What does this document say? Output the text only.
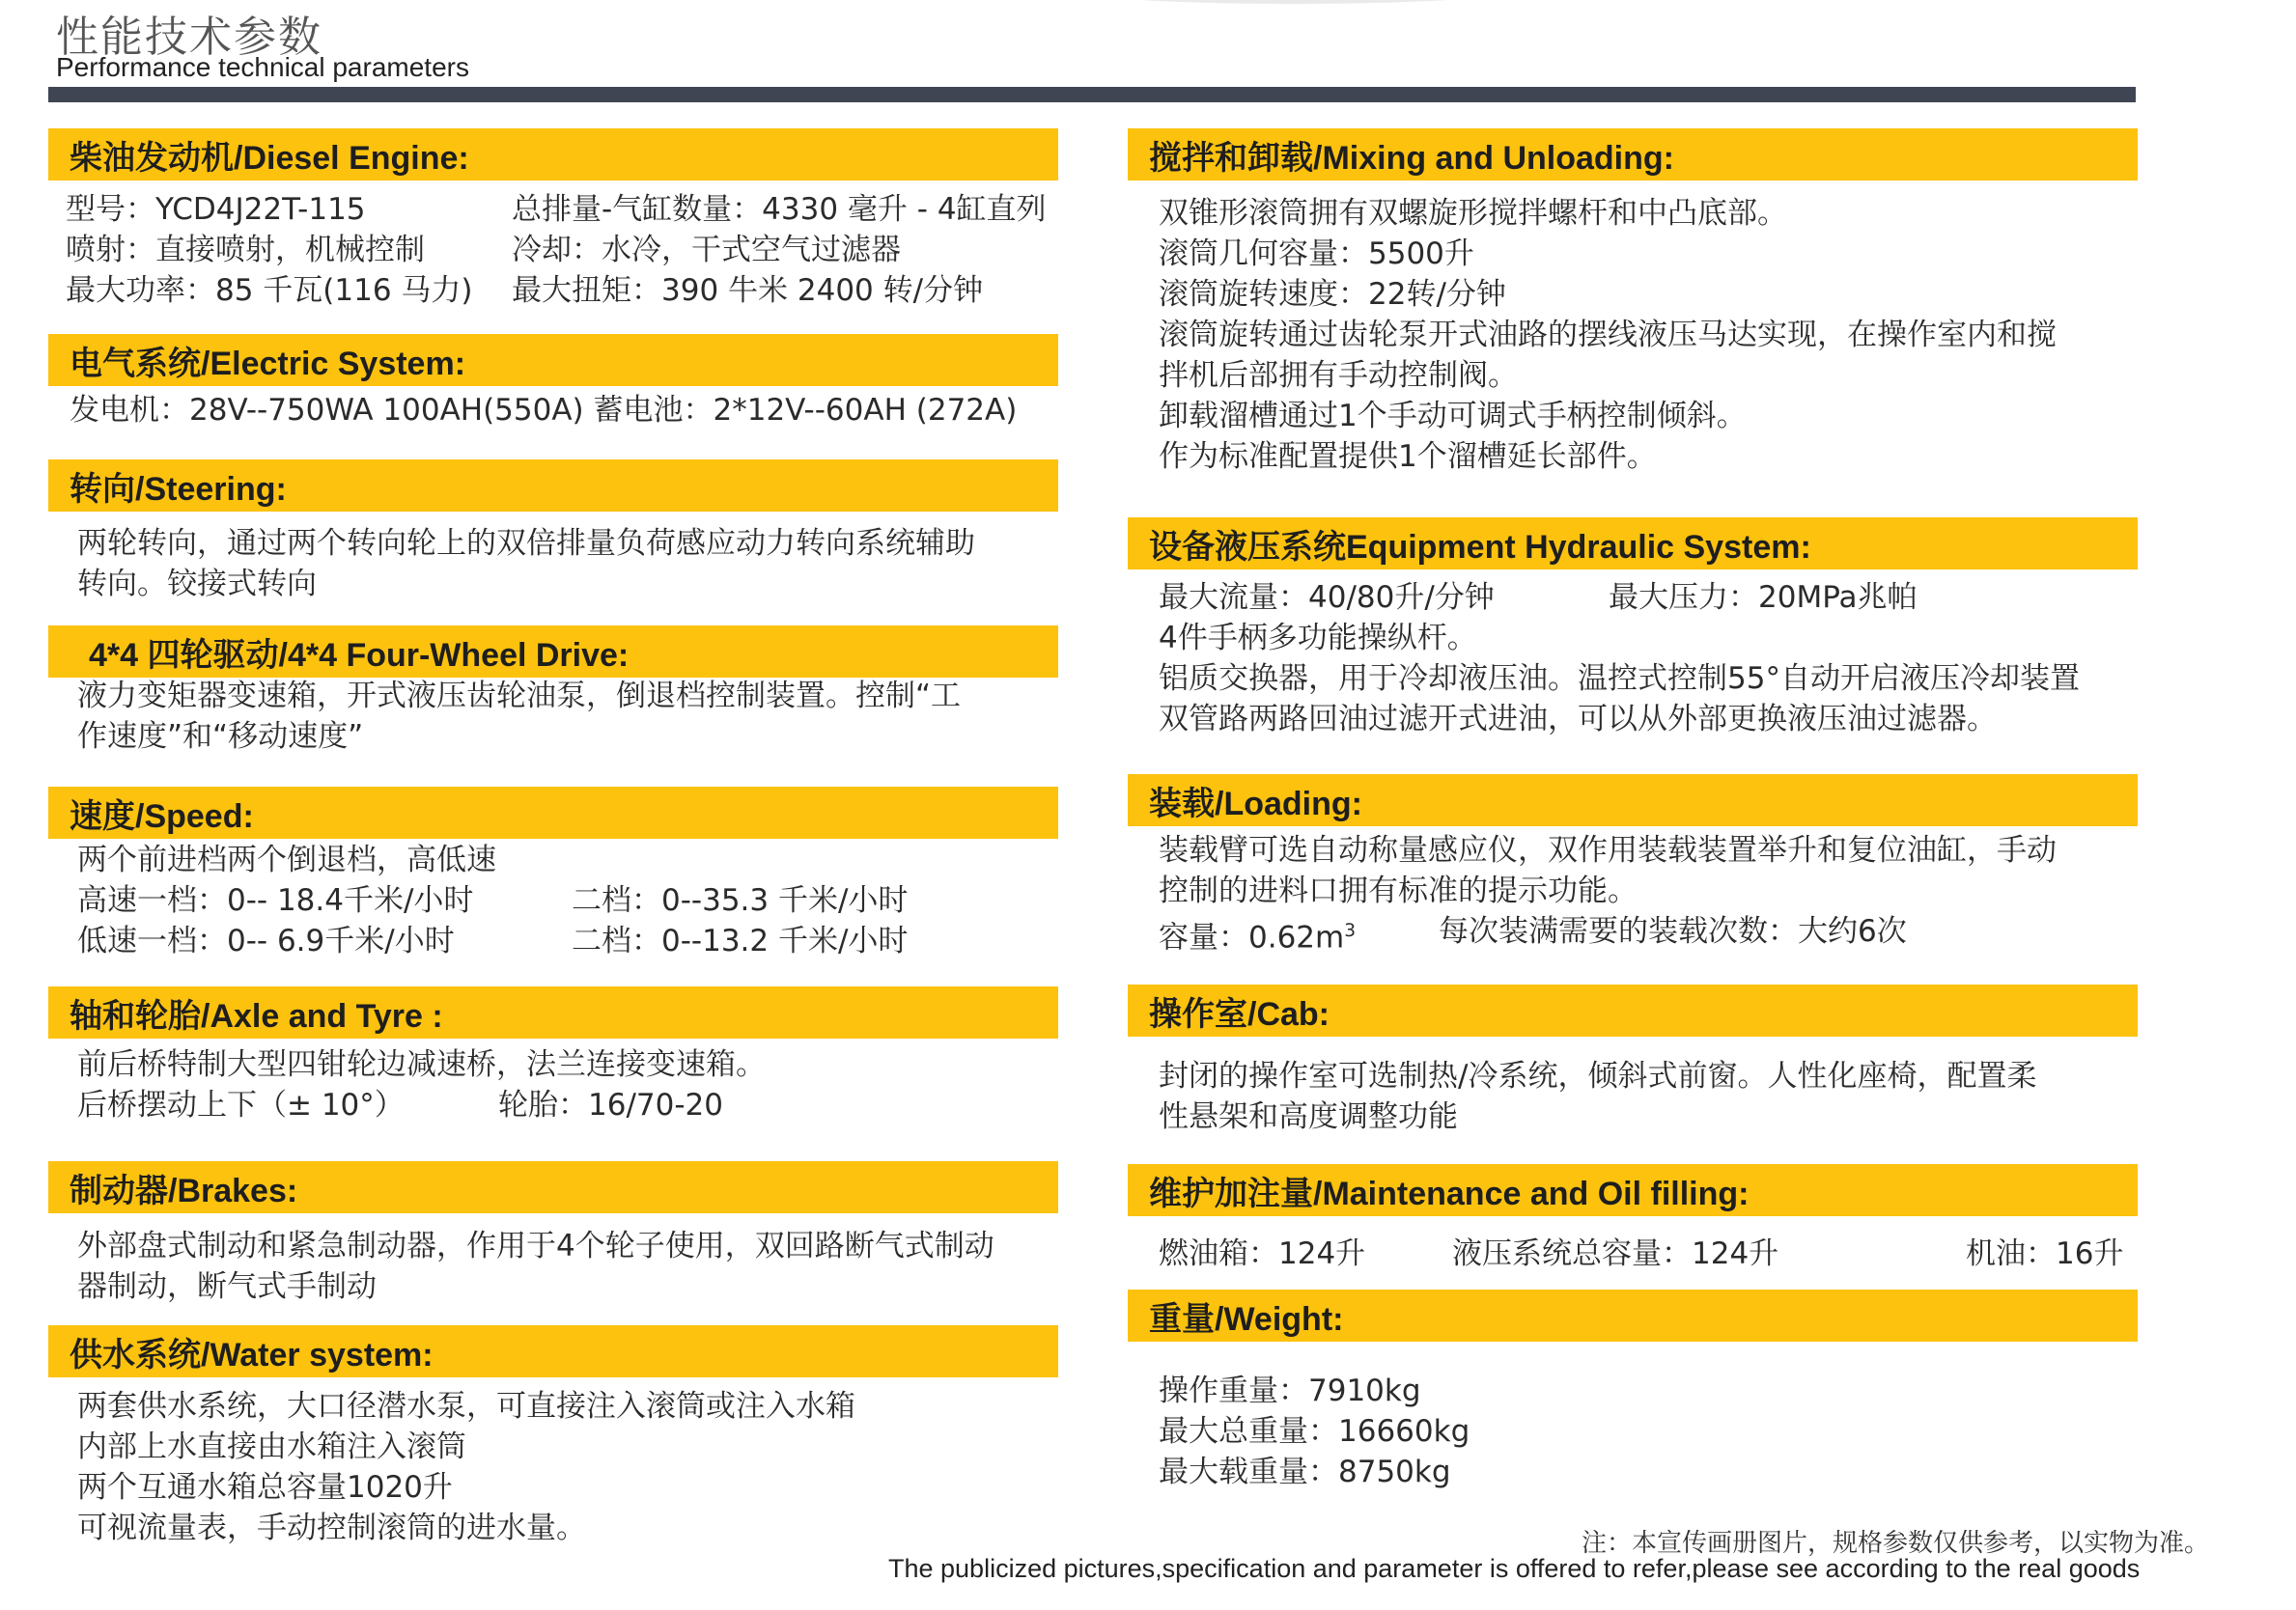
性能技术参数
Performance technical parameters
柴油发动机/Diesel Engine:
型号：YCD4J22T-115	总排量-气缸数量：4330 毫升 - 4缸直列
喷射：直接喷射，机械控制	冷却：水冷，干式空气过滤器
最大功率：85 千瓦(116 马力) 最大扭矩：390 牛米 2400 转/分钟
电气系统/Electric System:
发电机：28V--750WA 100AH(550A) 蓄电池：2*12V--60AH (272A)
转向/Steering:
两轮转向，通过两个转向轮上的双倍排量负荷感应动力转向系统辅助
转向。铰接式转向
4*4 四轮驱动/4*4 Four-Wheel Drive:
液力变矩器变速箱，开式液压齿轮油泵，倒退档控制装置。控制“工
作速度”和“移动速度”
速度/Speed:
两个前进档两个倒退档，高低速
高速一档：0-- 18.4千米/小时	二档：0--35.3 千米/小时
低速一档：0-- 6.9千米/小时	二档：0--13.2 千米/小时
轴和轮胎/Axle and Tyre :
前后桥特制大型四钳轮边减速桥，法兰连接变速箱。
后桥摆动上下（± 10°）	轮胎：16/70-20
制动器/Brakes:
外部盘式制动和紧急制动器，作用于4个轮子使用，双回路断气式制动
器制动，断气式手制动
供水系统/Water system:
两套供水系统，大口径潜水泵，可直接注入滚筒或注入水箱
内部上水直接由水箱注入滚筒
两个互通水箱总容量1020升
可视流量表，手动控制滚筒的进水量。
搅拌和卸载/Mixing and Unloading:
双锥形滚筒拥有双螺旋形搅拌螺杆和中凸底部。
滚筒几何容量：5500升
滚筒旋转速度：22转/分钟
滚筒旋转通过齿轮泵开式油路的摆线液压马达实现，在操作室内和搅
拌机后部拥有手动控制阀。
卸载溜槽通过1个手动可调式手柄控制倾斜。
作为标准配置提供1个溜槽延长部件。
设备液压系统Equipment Hydraulic System:
最大流量：40/80升/分钟	最大压力：20MPa兆帕
4件手柄多功能操纵杆。
铝质交换器，用于冷却液压油。温控式控制55°自动开启液压冷却装置
双管路两路回油过滤开式进油，可以从外部更换液压油过滤器。
装载/Loading:
装载臂可选自动称量感应仪，双作用装载装置举升和复位油缸，手动
控制的进料口拥有标准的提示功能。
容量：$0.62m^3$	每次装满需要的装载次数：大约6次
操作室/Cab:
封闭的操作室可选制热/冷系统，倾斜式前窗。人性化座椅，配置柔
性悬架和高度调整功能
维护加注量/Maintenance and Oil filling:
燃油箱：124升	液压系统总容量：124升	机油：16升
重量/Weight:
操作重量：7910kg
最大总重量：16660kg
最大载重量：8750kg
注：本宣传画册图片，规格参数仅供参考，以实物为准。
The publicized pictures,specification and parameter is offered to refer,please see according to the real goods
